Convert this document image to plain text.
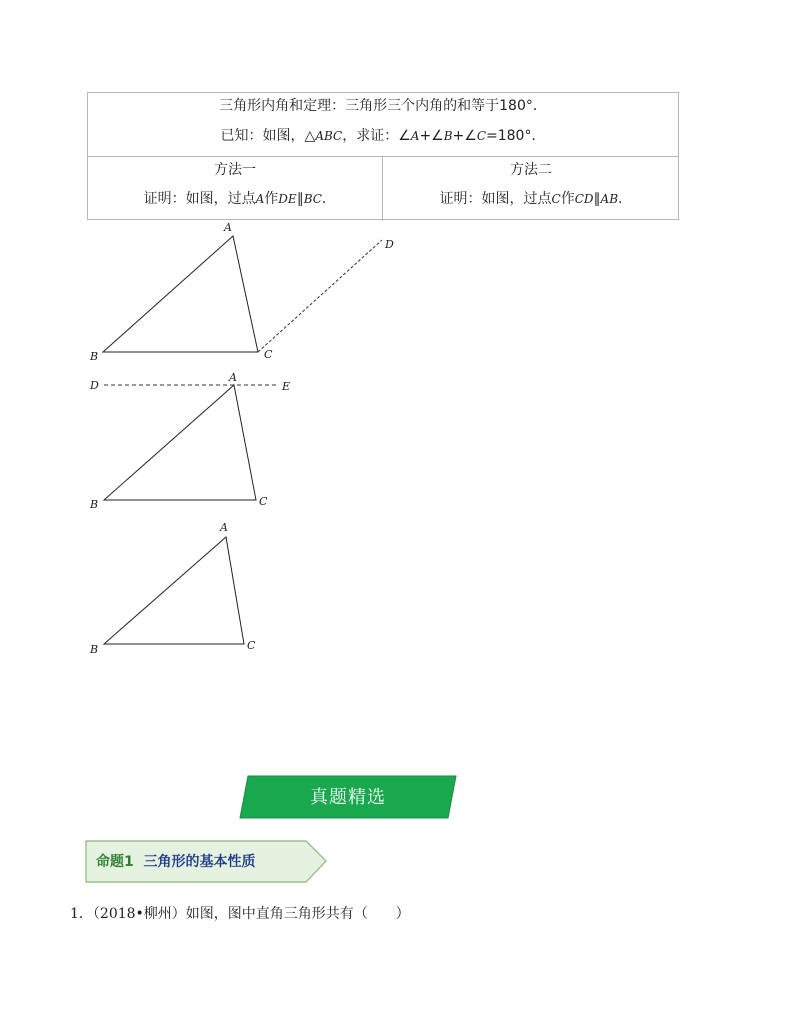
三角形内角和定理：三角形三个内角的和等于180°．
已知：如图，△ABC，求证：∠A+∠B+∠C=180°．
方法一
证明：如图，过点A作DE∥BC.
方法二
证明：如图，过点C作CD∥AB.
A
B	C
D
D
A
E
B	C
A
B	C
真题精选
命题1 三角形的基本性质
1．（2018•柳州）如图，图中直角三角形共有（　　）
